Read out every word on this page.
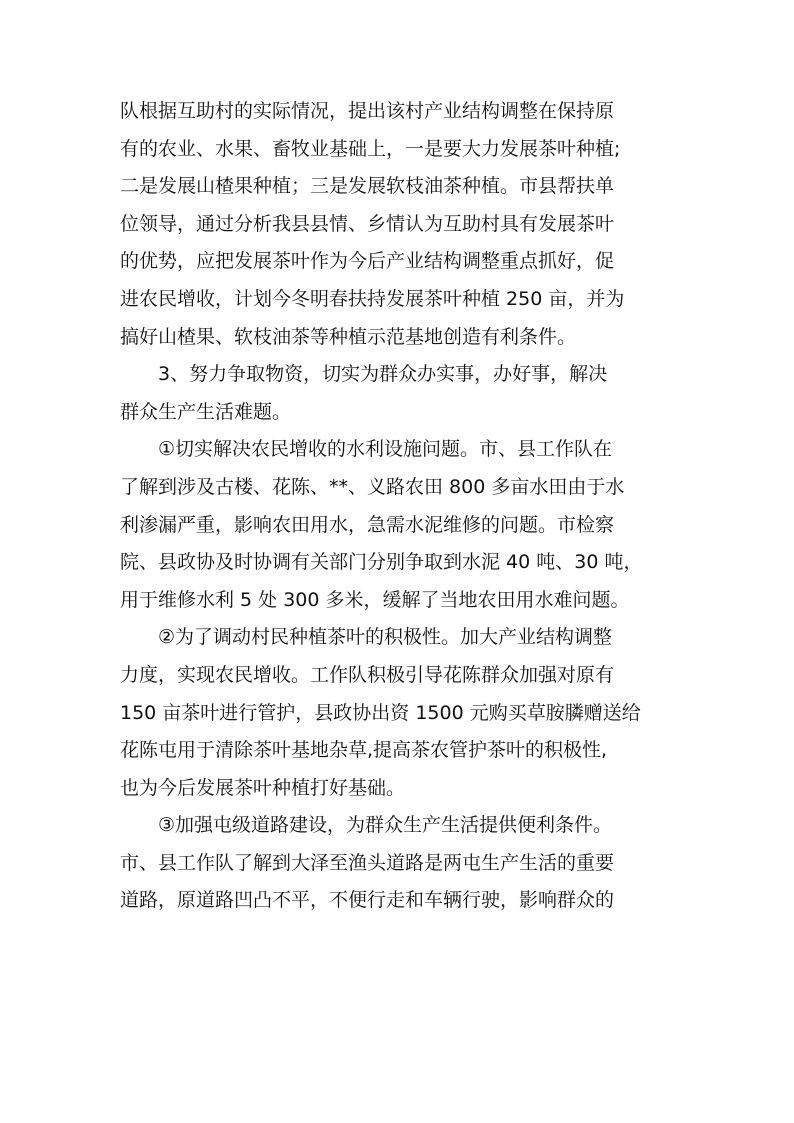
队根据互助村的实际情况，提出该村产业结构调整在保持原
有的农业、水果、畜牧业基础上，一是要大力发展茶叶种植;
二是发展山楂果种植；三是发展软枝油茶种植。市县帮扶单
位领导，通过分析我县县情、乡情认为互助村具有发展茶叶
的优势，应把发展茶叶作为今后产业结构调整重点抓好，促
进农民增收，计划今冬明春扶持发展茶叶种植 250 亩，并为
搞好山楂果、软枝油茶等种植示范基地创造有利条件。
3、努力争取物资，切实为群众办实事，办好事，解决
群众生产生活难题。
①切实解决农民增收的水利设施问题。市、县工作队在
了解到涉及古楼、花陈、**、义路农田 800 多亩水田由于水
利渗漏严重，影响农田用水，急需水泥维修的问题。市检察
院、县政协及时协调有关部门分别争取到水泥 40 吨、30 吨，
用于维修水利 5 处 300 多米，缓解了当地农田用水难问题。
②为了调动村民种植茶叶的积极性。加大产业结构调整
力度，实现农民增收。工作队积极引导花陈群众加强对原有
150 亩茶叶进行管护，县政协出资 1500 元购买草胺膦赠送给
花陈屯用于清除茶叶基地杂草,提高茶农管护茶叶的积极性,
也为今后发展茶叶种植打好基础。
③加强屯级道路建设，为群众生产生活提供便利条件。
市、县工作队了解到大泽至渔头道路是两屯生产生活的重要
道路，原道路凹凸不平，不便行走和车辆行驶，影响群众的
